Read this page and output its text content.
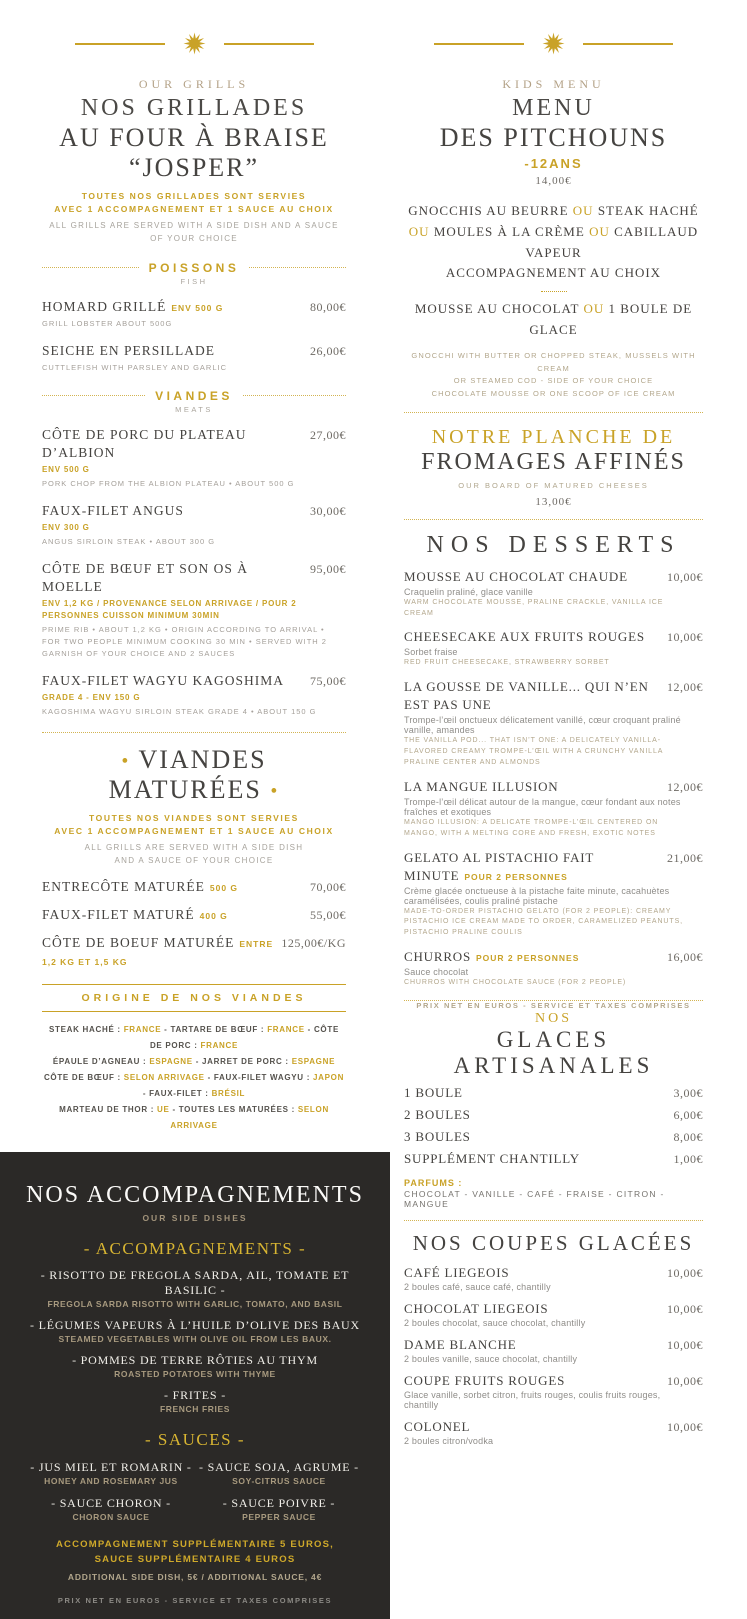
OUR GRILLS
NOS GRILLADES
AU FOUR À BRAISE “JOSPER”
TOUTES NOS GRILLADES SONT SERVIES
AVEC 1 ACCOMPAGNEMENT ET 1 SAUCE AU CHOIX
ALL GRILLS ARE SERVED WITH A SIDE DISH AND A SAUCE OF YOUR CHOICE
POISSONS
FISH
HOMARD GRILLÉ ENV 500 G	80,00€
GRILL LOBSTER ABOUT 500G
SEICHE EN PERSILLADE	26,00€
CUTTLEFISH WITH PARSLEY AND GARLIC
VIANDES
MEATS
CÔTE DE PORC DU PLATEAU D’ALBION
27,00€
ENV 500 G
PORK CHOP FROM THE ALBION PLATEAU • ABOUT 500 G
FAUX-FILET ANGUS	30,00€
ENV 300 G
ANGUS SIRLOIN STEAK • ABOUT 300 G
CÔTE DE BŒUF ET SON OS À MOELLE
95,00€
ENV 1,2 KG / PROVENANCE SELON ARRIVAGE / POUR 2 PERSONNES CUISSON MINIMUM 30MIN
PRIME RIB • ABOUT 1,2 KG • ORIGIN ACCORDING TO ARRIVAL • FOR TWO PEOPLE MINIMUM COOKING 30 MIN • SERVED WITH 2 GARNISH OF YOUR CHOICE AND 2 SAUCES
FAUX-FILET WAGYU KAGOSHIMA 75,00€
GRADE 4 - ENV 150 G
KAGOSHIMA WAGYU SIRLOIN STEAK GRADE 4 • ABOUT 150 G
• VIANDES MATURÉES •
TOUTES NOS VIANDES SONT SERVIES
AVEC 1 ACCOMPAGNEMENT ET 1 SAUCE AU CHOIX
ALL GRILLS ARE SERVED WITH A SIDE DISH
AND A SAUCE OF YOUR CHOICE
ENTRECÔTE MATURÉE 500 G	70,00€
FAUX-FILET MATURÉ 400 G	55,00€
CÔTE DE BOEUF MATURÉE ENTRE 1,2 KG ET 1,5 KG
125,00€/KG
ORIGINE DE NOS VIANDES
STEAK HACHÉ : FRANCE - TARTARE DE BŒUF : FRANCE - CÔTE DE PORC : FRANCE
ÉPAULE D’AGNEAU : ESPAGNE - JARRET DE PORC : ESPAGNE
CÔTE DE BŒUF : SELON ARRIVAGE - FAUX-FILET WAGYU : JAPON - FAUX-FILET : BRÉSIL
MARTEAU DE THOR : UE - TOUTES LES MATURÉES : SELON ARRIVAGE
NOS ACCOMPAGNEMENTS
OUR SIDE DISHES
- ACCOMPAGNEMENTS -
- RISOTTO DE FREGOLA SARDA, AIL, TOMATE ET BASILIC -
FREGOLA SARDA RISOTTO WITH GARLIC, TOMATO, AND BASIL
- LÉGUMES VAPEURS À L’HUILE D’OLIVE DES BAUX
STEAMED VEGETABLES WITH OLIVE OIL FROM LES BAUX.
- POMMES DE TERRE RÔTIES AU THYM
ROASTED POTATOES WITH THYME
- FRITES -
FRENCH FRIES
- SAUCES -
- JUS MIEL ET ROMARIN -
HONEY AND ROSEMARY JUS
- SAUCE SOJA, AGRUME -
SOY-CITRUS SAUCE
- SAUCE CHORON -
CHORON SAUCE
- SAUCE POIVRE -
PEPPER SAUCE
ACCOMPAGNEMENT SUPPLÉMENTAIRE 5 EUROS,
SAUCE SUPPLÉMENTAIRE 4 EUROS
ADDITIONAL SIDE DISH, 5€ / ADDITIONAL SAUCE, 4€
PRIX NET EN EUROS - SERVICE ET TAXES COMPRISES
KIDS MENU
MENU
DES PITCHOUNS
-12ANS
14,00€
GNOCCHIS AU BEURRE OU STEAK HACHÉ
OU MOULES À LA CRÈME OU CABILLAUD VAPEUR
ACCOMPAGNEMENT AU CHOIX
MOUSSE AU CHOCOLAT OU 1 BOULE DE GLACE
GNOCCHI WITH BUTTER OR CHOPPED STEAK, MUSSELS WITH CREAM
OR STEAMED COD - SIDE OF YOUR CHOICE
CHOCOLATE MOUSSE OR ONE SCOOP OF ICE CREAM
NOTRE PLANCHE DE
FROMAGES AFFINÉS
OUR BOARD OF MATURED CHEESES
13,00€
NOS DESSERTS
MOUSSE AU CHOCOLAT CHAUDE	10,00€
Craquelin praliné, glace vanille
WARM CHOCOLATE MOUSSE, PRALINE CRACKLE, VANILLA ICE CREAM
CHEESECAKE AUX FRUITS ROUGES 10,00€
Sorbet fraise
RED FRUIT CHEESECAKE, STRAWBERRY SORBET
LA GOUSSE DE VANILLE... QUI N’EN EST PAS UNE
12,00€
Trompe-l’œil onctueux délicatement vanillé, cœur croquant praliné vanille, amandes
THE VANILLA POD... THAT ISN’T ONE: A DELICATELY VANILLA-FLAVORED CREAMY TROMPE-L’ŒIL WITH A CRUNCHY VANILLA PRALINE CENTER AND ALMONDS
LA MANGUE ILLUSION	12,00€
Trompe-l’œil délicat autour de la mangue, cœur fondant aux notes fraîches et exotiques
MANGO ILLUSION: A DELICATE TROMPE-L’ŒIL CENTERED ON MANGO, WITH A MELTING CORE AND FRESH, EXOTIC NOTES
GELATO AL PISTACHIO FAIT MINUTE POUR 2 PERSONNES
21,00€
Crème glacée onctueuse à la pistache faite minute, cacahuètes caramélisées, coulis praliné pistache
MADE-TO-ORDER PISTACHIO GELATO (FOR 2 PEOPLE): CREAMY PISTACHIO ICE CREAM MADE TO ORDER, CARAMELIZED PEANUTS, PISTACHIO PRALINE COULIS
CHURROS POUR 2 PERSONNES	16,00€
Sauce chocolat
CHURROS WITH CHOCOLATE SAUCE (FOR 2 PEOPLE)
NOS
GLACES ARTISANALES
1 BOULE	3,00€
2 BOULES	6,00€
3 BOULES	8,00€
SUPPLÉMENT CHANTILLY	1,00€
PARFUMS :
CHOCOLAT - VANILLE - CAFÉ - FRAISE - CITRON - MANGUE
NOS COUPES GLACÉES
CAFÉ LIEGEOIS	10,00€
2 boules café, sauce café, chantilly
CHOCOLAT LIEGEOIS	10,00€
2 boules chocolat, sauce chocolat, chantilly
DAME BLANCHE	10,00€
2 boules vanille, sauce chocolat, chantilly
COUPE FRUITS ROUGES	10,00€
Glace vanille, sorbet citron, fruits rouges, coulis fruits rouges, chantilly
COLONEL	10,00€
2 boules citron/vodka
PRIX NET EN EUROS - SERVICE ET TAXES COMPRISES
